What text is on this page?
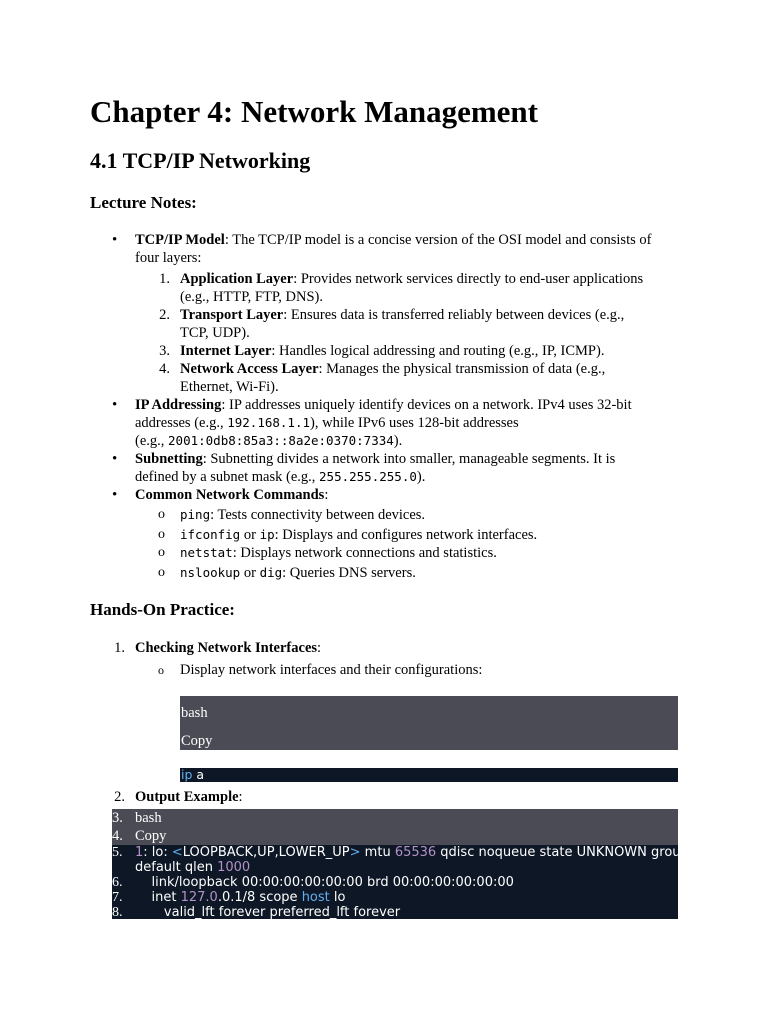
Chapter 4: Network Management
4.1 TCP/IP Networking
Lecture Notes:
• TCP/IP Model: The TCP/IP model is a concise version of the OSI model and consists of
four layers:
1. Application Layer: Provides network services directly to end-user applications
(e.g., HTTP, FTP, DNS).
2. Transport Layer: Ensures data is transferred reliably between devices (e.g.,
TCP, UDP).
3. Internet Layer: Handles logical addressing and routing (e.g., IP, ICMP).
4. Network Access Layer: Manages the physical transmission of data (e.g.,
Ethernet, Wi-Fi).
• IP Addressing: IP addresses uniquely identify devices on a network. IPv4 uses 32-bit
addresses (e.g., 192.168.1.1), while IPv6 uses 128-bit addresses
(e.g., 2001:0db8:85a3::8a2e:0370:7334).
• Subnetting: Subnetting divides a network into smaller, manageable segments. It is
defined by a subnet mask (e.g., 255.255.255.0).
• Common Network Commands:
o ping: Tests connectivity between devices.
o ifconfig or ip: Displays and configures network interfaces.
o netstat: Displays network connections and statistics.
o nslookup or dig: Queries DNS servers.
Hands-On Practice:
1. Checking Network Interfaces:
o Display network interfaces and their configurations:
bash
Copy
ip a
2. Output Example:
3. bash
4. Copy
5. 1: lo: <LOOPBACK,UP,LOWER_UP> mtu 65536 qdisc noqueue state UNKNOWN group
default qlen 1000
6. link/loopback 00:00:00:00:00:00 brd 00:00:00:00:00:00
7. inet 127.0.0.1/8 scope host lo
8. valid_lft forever preferred_lft forever
